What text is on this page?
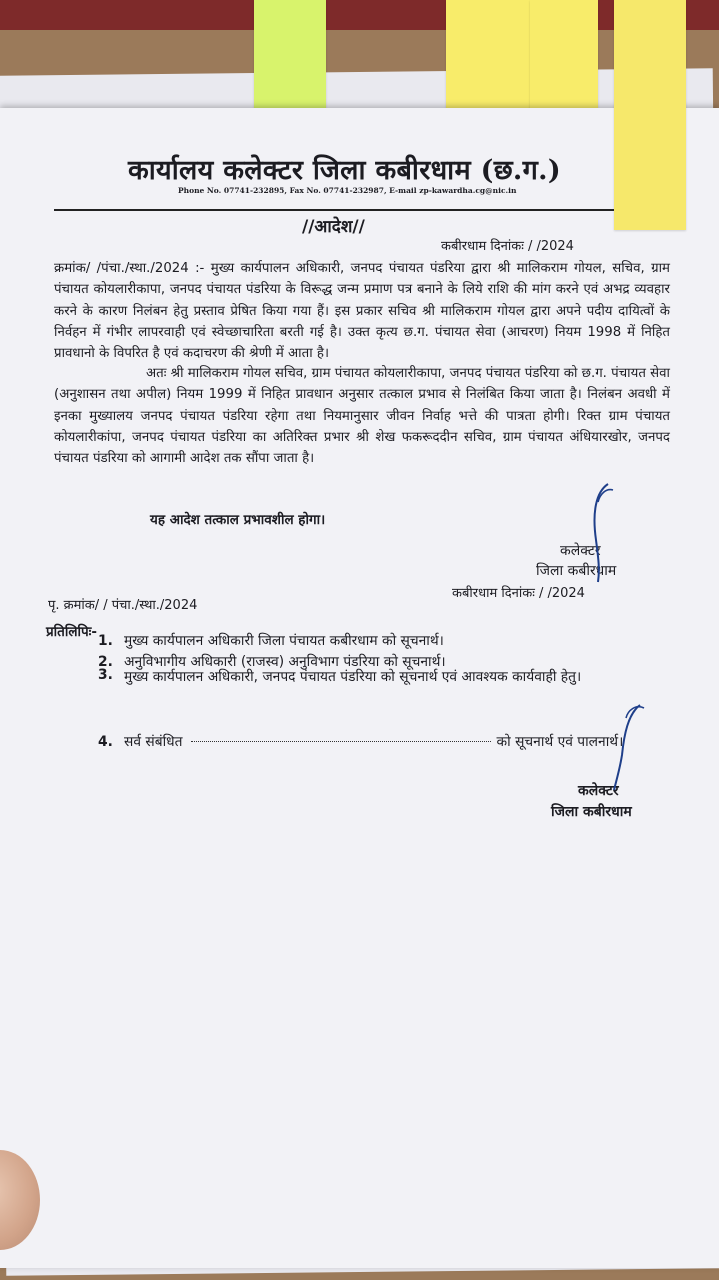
कार्यालय कलेक्टर जिला कबीरधाम (छ.ग.)
Phone No. 07741-232895, Fax No. 07741-232987, E-mail zp-kawardha.cg@nic.in
//आदेश//
कबीरधाम दिनांकः / /2024
क्रमांक/ /पंचा./स्था./2024 :- मुख्य कार्यपालन अधिकारी, जनपद पंचायत पंडरिया द्वारा श्री मालिकराम गोयल, सचिव, ग्राम पंचायत कोयलारीकापा, जनपद पंचायत पंडरिया के विरूद्ध जन्म प्रमाण पत्र बनाने के लिये राशि की मांग करने एवं अभद्र व्यवहार करने के कारण निलंबन हेतु प्रस्ताव प्रेषित किया गया हैं। इस प्रकार सचिव श्री मालिकराम गोयल द्वारा अपने पदीय दायित्वों के निर्वहन में गंभीर लापरवाही एवं स्वेच्छाचारिता बरती गई है। उक्त कृत्य छ.ग. पंचायत सेवा (आचरण) नियम 1998 में निहित प्रावधानो के विपरित है एवं कदाचरण की श्रेणी में आता है।
अतः श्री मालिकराम गोयल सचिव, ग्राम पंचायत कोयलारीकापा, जनपद पंचायत पंडरिया को छ.ग. पंचायत सेवा (अनुशासन तथा अपील) नियम 1999 में निहित प्रावधान अनुसार तत्काल प्रभाव से निलंबित किया जाता है। निलंबन अवधी में इनका मुख्यालय जनपद पंचायत पंडरिया रहेगा तथा नियमानुसार जीवन निर्वाह भत्ते की पात्रता होगी। रिक्त ग्राम पंचायत कोयलारीकांपा, जनपद पंचायत पंडरिया का अतिरिक्त प्रभार श्री शेख फकरूददीन सचिव, ग्राम पंचायत अंधियारखोर, जनपद पंचायत पंडरिया को आगामी आदेश तक सौंपा जाता है।
यह आदेश तत्काल प्रभावशील होगा।
कलेक्टर
जिला कबीरधाम
कबीरधाम दिनांकः / /2024
पृ. क्रमांक/ / पंचा./स्था./2024
प्रतिलिपिः-
1. मुख्य कार्यपालन अधिकारी जिला पंचायत कबीरधाम को सूचनार्थ।
2. अनुविभागीय अधिकारी (राजस्व) अनुविभाग पंडरिया को सूचनार्थ।
3. मुख्य कार्यपालन अधिकारी, जनपद पंचायत पंडरिया को सूचनार्थ एवं आवश्यक कार्यवाही हेतु।
4. सर्व संबंधित	को सूचनार्थ एवं पालनार्थ।
कलेक्टर
जिला कबीरधाम
